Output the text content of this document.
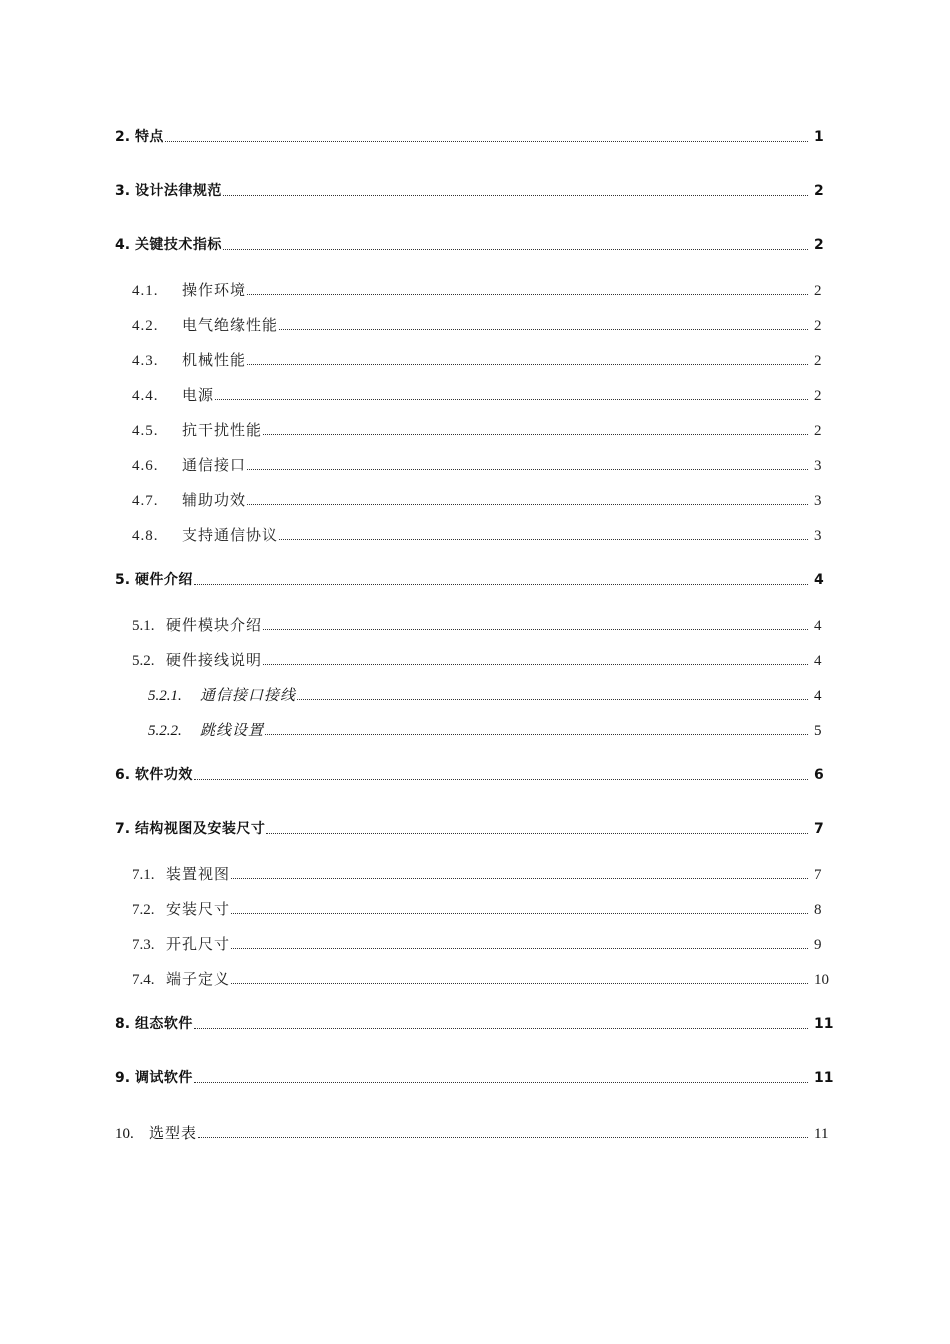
2. 特点	1
3. 设计法律规范	2
4. 关键技术指标	2
4.1.	操作环境	2
4.2.	电气绝缘性能	2
4.3.	机械性能	2
4.4.	电源	2
4.5.	抗干扰性能	2
4.6.	通信接口	3
4.7.	辅助功效	3
4.8.	支持通信协议	3
5. 硬件介绍	4
5.1. 硬件模块介绍	4
5.2. 硬件接线说明	4
5.2.1.	通信接口接线	4
5.2.2.	跳线设置	5
6. 软件功效	6
7. 结构视图及安装尺寸	7
7.1. 装置视图	7
7.2. 安装尺寸	8
7.3. 开孔尺寸	9
7.4. 端子定义	10
8. 组态软件	11
9. 调试软件	11
10.	选型表	11
